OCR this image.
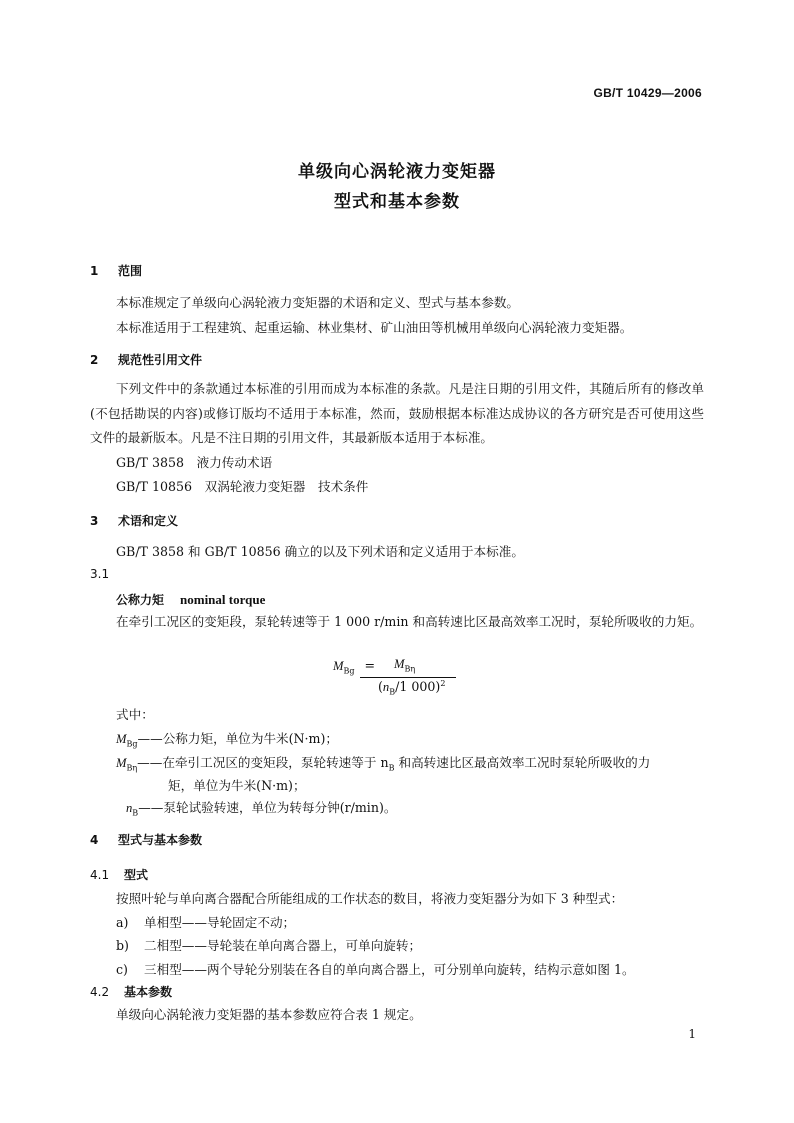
GB/T 10429—2006
单级向心涡轮液力变矩器
型式和基本参数
1 范围
本标准规定了单级向心涡轮液力变矩器的术语和定义、型式与基本参数。
本标准适用于工程建筑、起重运输、林业集材、矿山油田等机械用单级向心涡轮液力变矩器。
2 规范性引用文件
下列文件中的条款通过本标准的引用而成为本标准的条款。凡是注日期的引用文件，其随后所有的修改单(不包括勘误的内容)或修订版均不适用于本标准，然而，鼓励根据本标准达成协议的各方研究是否可使用这些文件的最新版本。凡是不注日期的引用文件，其最新版本适用于本标准。
GB/T 3858　 液力传动术语
GB/T 10856　 双涡轮液力变矩器　技术条件
3 术语和定义
GB/T 3858 和 GB/T 10856 确立的以及下列术语和定义适用于本标准。
3.1
公称力矩 nominal torque
在牵引工况区的变矩段，泵轮转速等于 1 000 r/min 和高转速比区最高效率工况时，泵轮所吸收的力矩。
$M_{Bg}$ =	$M_{B\eta}$
($n_B/1$ 000)$^2$
式中：
$M_{Bg}——$公称力矩，单位为牛米(N·m)；
$M_{B\eta}——$在牵引工况区的变矩段，泵轮转速等于 $n_B$ 和高转速比区最高效率工况时泵轮所吸收的力
矩，单位为牛米(N·m)；
$n_B——$泵轮试验转速，单位为转每分钟(r/min)。
4 型式与基本参数
4.1 型式
按照叶轮与单向离合器配合所能组成的工作状态的数目，将液力变矩器分为如下 3 种型式：
a) 单相型——导轮固定不动；
b) 二相型——导轮装在单向离合器上，可单向旋转；
c) 三相型——两个导轮分别装在各自的单向离合器上，可分别单向旋转，结构示意如图 1。
4.2 基本参数
单级向心涡轮液力变矩器的基本参数应符合表 1 规定。
1
